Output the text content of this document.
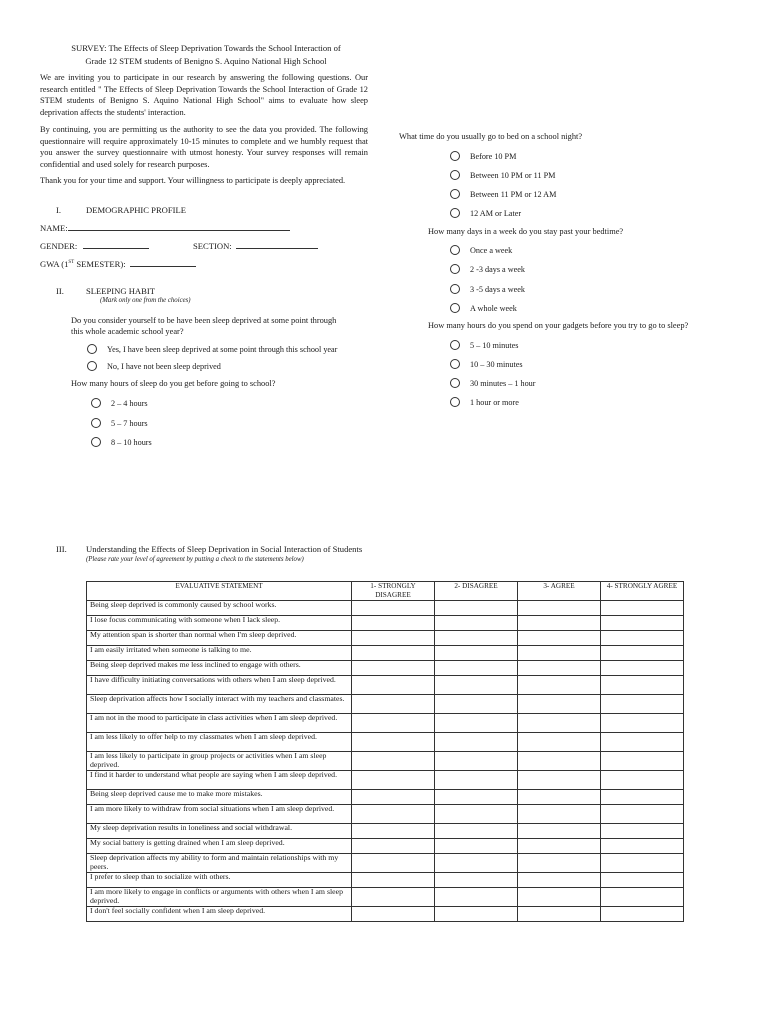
SURVEY: The Effects of Sleep Deprivation Towards the School Interaction of
Grade 12 STEM students of Benigno S. Aquino National High School
We are inviting you to participate in our research by answering the following questions. Our research entitled " The Effects of Sleep Deprivation Towards the School Interaction of Grade 12 STEM students of Benigno S. Aquino National High School" aims to evaluate how sleep deprivation affects the students' interaction.
By continuing, you are permitting us the authority to see the data you provided. The following questionnaire will require approximately 10-15 minutes to complete and we humbly request that you answer the survey questionnaire with utmost honesty. Your survey responses will remain confidential and used solely for research purposes.
Thank you for your time and support. Your willingness to participate is deeply appreciated.
I.	DEMOGRAPHIC PROFILE
NAME:
GENDER:	SECTION:
GWA (1ST SEMESTER):
II.	SLEEPING HABIT
(Mark only one from the choices)
Do you consider yourself to be have been sleep deprived at some point through
this whole academic school year?
Yes, I have been sleep deprived at some point through this school year
No, I have not been sleep deprived
How many hours of sleep do you get before going to school?
2 – 4 hours
5 – 7 hours
8 – 10 hours
What time do you usually go to bed on a school night?
Before 10 PM
Between 10 PM or 11 PM
Between 11 PM or 12 AM
12 AM or Later
How many days in a week do you stay past your bedtime?
Once a week
2 -3 days a week
3 -5 days a week
A whole week
How many hours do you spend on your gadgets before you try to go to sleep?
5 – 10 minutes
10 – 30 minutes
30 minutes – 1 hour
1 hour or more
III. Understanding the Effects of Sleep Deprivation in Social Interaction of Students
(Please rate your level of agreement by putting a check to the statements below)
EVALUATIVE STATEMENT	1- STRONGLY DISAGREE	2- DISAGREE	3- AGREE	4- STRONGLY AGREE
Being sleep deprived is commonly caused by school works.				
I lose focus communicating with someone when I lack sleep.				
My attention span is shorter than normal when I'm sleep deprived.				
I am easily irritated when someone is talking to me.				
Being sleep deprived makes me less inclined to engage with others.				
I have difficulty initiating conversations with others when I am sleep deprived.				
Sleep deprivation affects how I socially interact with my teachers and classmates.				
I am not in the mood to participate in class activities when I am sleep deprived.				
I am less likely to offer help to my classmates when I am sleep deprived.				
I am less likely to participate in group projects or activities when I am sleep deprived.				
I find it harder to understand what people are saying when I am sleep deprived.				
Being sleep deprived cause me to make more mistakes.				
I am more likely to withdraw from social situations when I am sleep deprived.				
My sleep deprivation results in loneliness and social withdrawal.				
My social battery is getting drained when I am sleep deprived.				
Sleep deprivation affects my ability to form and maintain relationships with my peers.				
I prefer to sleep than to socialize with others.				
I am more likely to engage in conflicts or arguments with others when I am sleep deprived.				
I don't feel socially confident when I am sleep deprived.				
